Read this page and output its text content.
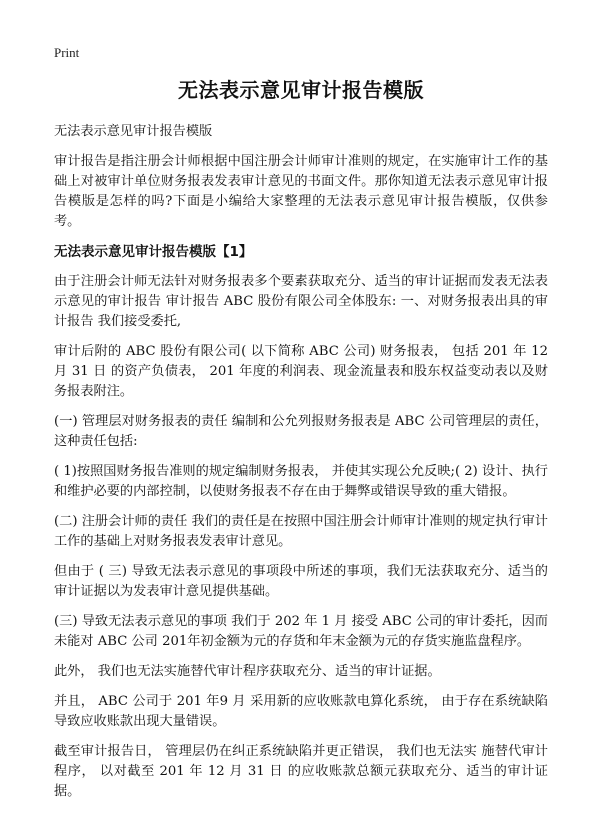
Print
无法表示意见审计报告模版

无法表示意见审计报告模版

审计报告是指注册会计师根据中国注册会计师审计准则的规定，在实施审计工作的基础上对被审计单位财务报表发表审计意见的书面文件。那你知道无法表示意见审计报告模版是怎样的吗?下面是小编给大家整理的无法表示意见审计报告模版，仅供参考。

无法表示意见审计报告模版【1】

由于注册会计师无法针对财务报表多个要素获取充分、适当的审计证据而发表无法表示意见的审计报告 审计报告 ABC 股份有限公司全体股东: 一、对财务报表出具的审计报告 我们接受委托,

审计后附的 ABC 股份有限公司( 以下简称 ABC 公司) 财务报表， 包括 201 年 12 月 31 日 的资产负债表， 201 年度的利润表、现金流量表和股东权益变动表以及财务报表附注。

(一) 管理层对财务报表的责任 编制和公允列报财务报表是 ABC 公司管理层的责任， 这种责任包括:

( 1)按照国财务报告准则的规定编制财务报表， 并使其实现公允反映;( 2) 设计、执行和维护必要的内部控制，以使财务报表不存在由于舞弊或错误导致的重大错报。

(二) 注册会计师的责任 我们的责任是在按照中国注册会计师审计准则的规定执行审计工作的基础上对财务报表发表审计意见。

但由于 ( 三) 导致无法表示意见的事项段中所述的事项，我们无法获取充分、适当的审计证据以为发表审计意见提供基础。

(三) 导致无法表示意见的事项 我们于 202 年 1 月 接受 ABC 公司的审计委托，因而未能对 ABC 公司 201年初金额为元的存货和年末金额为元的存货实施监盘程序。

此外， 我们也无法实施替代审计程序获取充分、适当的审计证据。

并且， ABC 公司于 201 年9 月 采用新的应收账款电算化系统， 由于存在系统缺陷导致应收账款出现大量错误。

截至审计报告日， 管理层仍在纠正系统缺陷并更正错误， 我们也无法实 施替代审计程序， 以对截至 201 年 12 月 31 日 的应收账款总额元获取充分、适当的审计证据。
